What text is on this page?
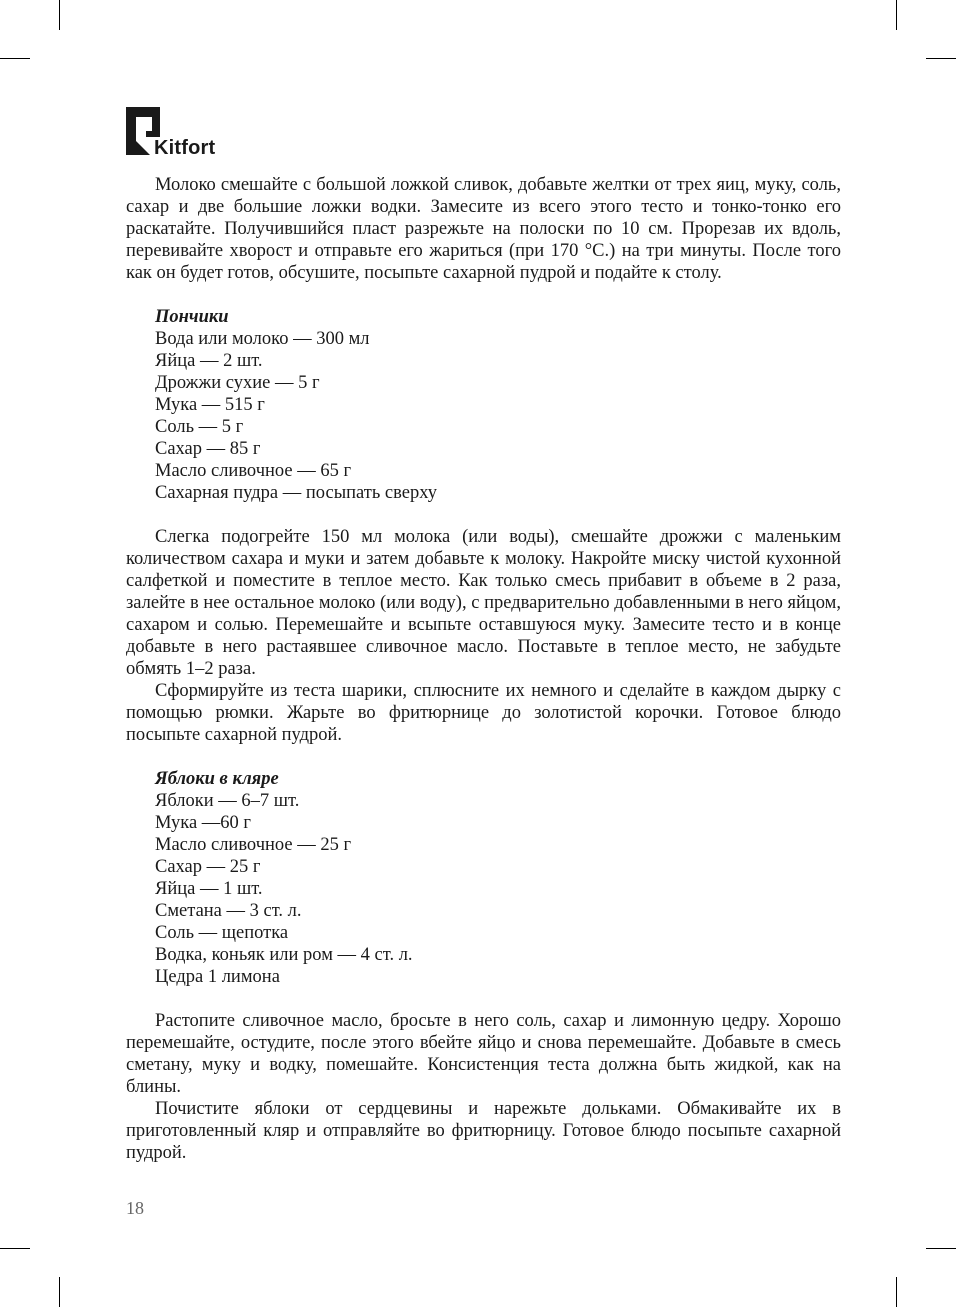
Kitfort

Молоко смешайте с большой ложкой сливок, добавьте желтки от трех яиц, муку, соль, сахар и две большие ложки водки. Замесите из всего этого тесто и тонко-тонко его раскатайте. Получившийся пласт разрежьте на полоски по 10 см. Прорезав их вдоль, перевивайте хворост и отправьте его жариться (при 170 °С.) на три минуты. После того как он будет готов, обсушите, посыпьте сахарной пудрой и подайте к столу.

Пончики

Вода или молоко — 300 мл

Яйца — 2 шт.

Дрожжи сухие — 5 г

Мука — 515 г

Соль — 5 г

Сахар — 85 г

Масло сливочное — 65 г

Сахарная пудра — посыпать сверху

Слегка подогрейте 150 мл молока (или воды), смешайте дрожжи с маленьким количеством сахара и муки и затем добавьте к молоку. Накройте миску чистой кухонной салфеткой и поместите в теплое место. Как только смесь прибавит в объеме в 2 раза, залейте в нее остальное молоко (или воду), с предварительно добавленными в него яйцом, сахаром и солью. Перемешайте и всыпьте оставшуюся муку. Замесите тесто и в конце добавьте в него растаявшее сливочное масло. Поставьте в теплое место, не забудьте обмять 1–2 раза.

Сформируйте из теста шарики, сплюсните их немного и сделайте в каждом дырку с помощью рюмки. Жарьте во фритюрнице до золотистой корочки. Готовое блюдо посыпьте сахарной пудрой.

Яблоки в кляре

Яблоки — 6–7 шт.

Мука —60 г

Масло сливочное — 25 г

Сахар — 25 г

Яйца — 1 шт.

Сметана — 3 ст. л.

Соль — щепотка

Водка, коньяк или ром — 4 ст. л.

Цедра 1 лимона

Растопите сливочное масло, бросьте в него соль, сахар и лимонную цедру. Хорошо перемешайте, остудите, после этого вбейте яйцо и снова перемешайте. Добавьте в смесь сметану, муку и водку, помешайте. Консистенция теста должна быть жидкой, как на блины.

Почистите яблоки от сердцевины и нарежьте дольками. Обмакивайте их в приготовленный кляр и отправляйте во фритюрницу. Готовое блюдо посыпьте сахарной пудрой.

18
